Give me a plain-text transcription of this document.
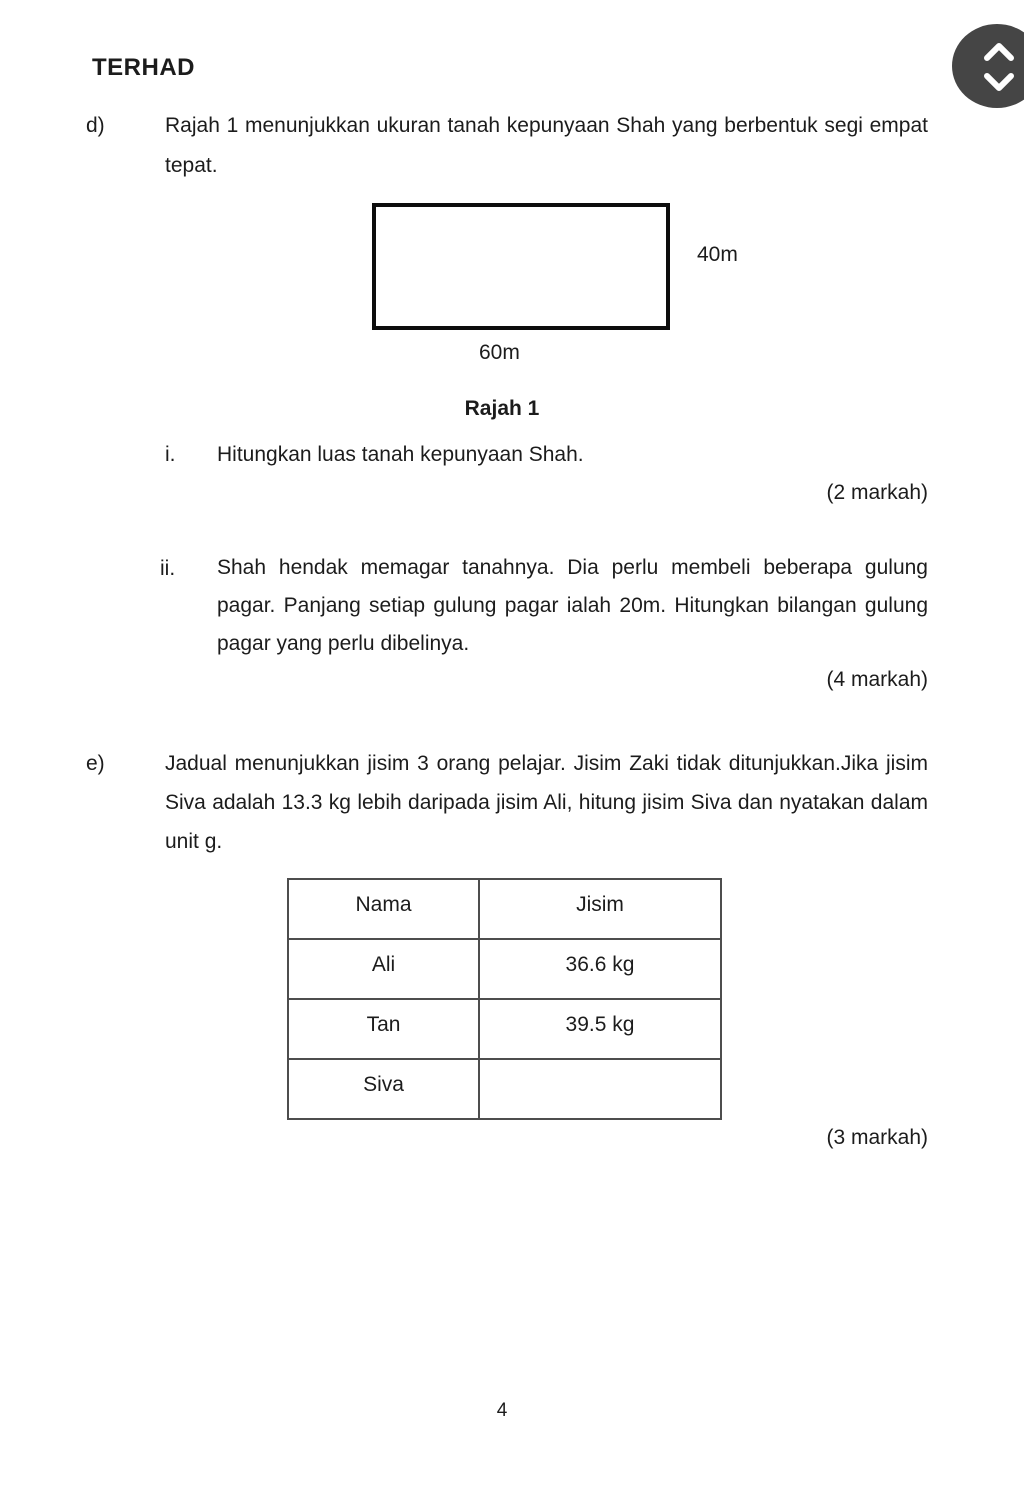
TERHAD
d)	Rajah 1 menunjukkan ukuran tanah kepunyaan Shah yang berbentuk segi empat tepat.
40m
60m
Rajah 1
i. Hitungkan luas tanah kepunyaan Shah.
(2 markah)
ii. Shah hendak memagar tanahnya. Dia perlu membeli beberapa gulung pagar. Panjang setiap gulung pagar ialah 20m. Hitungkan bilangan gulung pagar yang perlu dibelinya.
(4 markah)
e)	Jadual menunjukkan jisim 3 orang pelajar. Jisim Zaki tidak ditunjukkan.Jika jisim Siva adalah 13.3 kg lebih daripada jisim Ali, hitung jisim Siva dan nyatakan dalam unit g.
Nama	Jisim
Ali	36.6 kg
Tan	39.5 kg
Siva	
(3 markah)
4
